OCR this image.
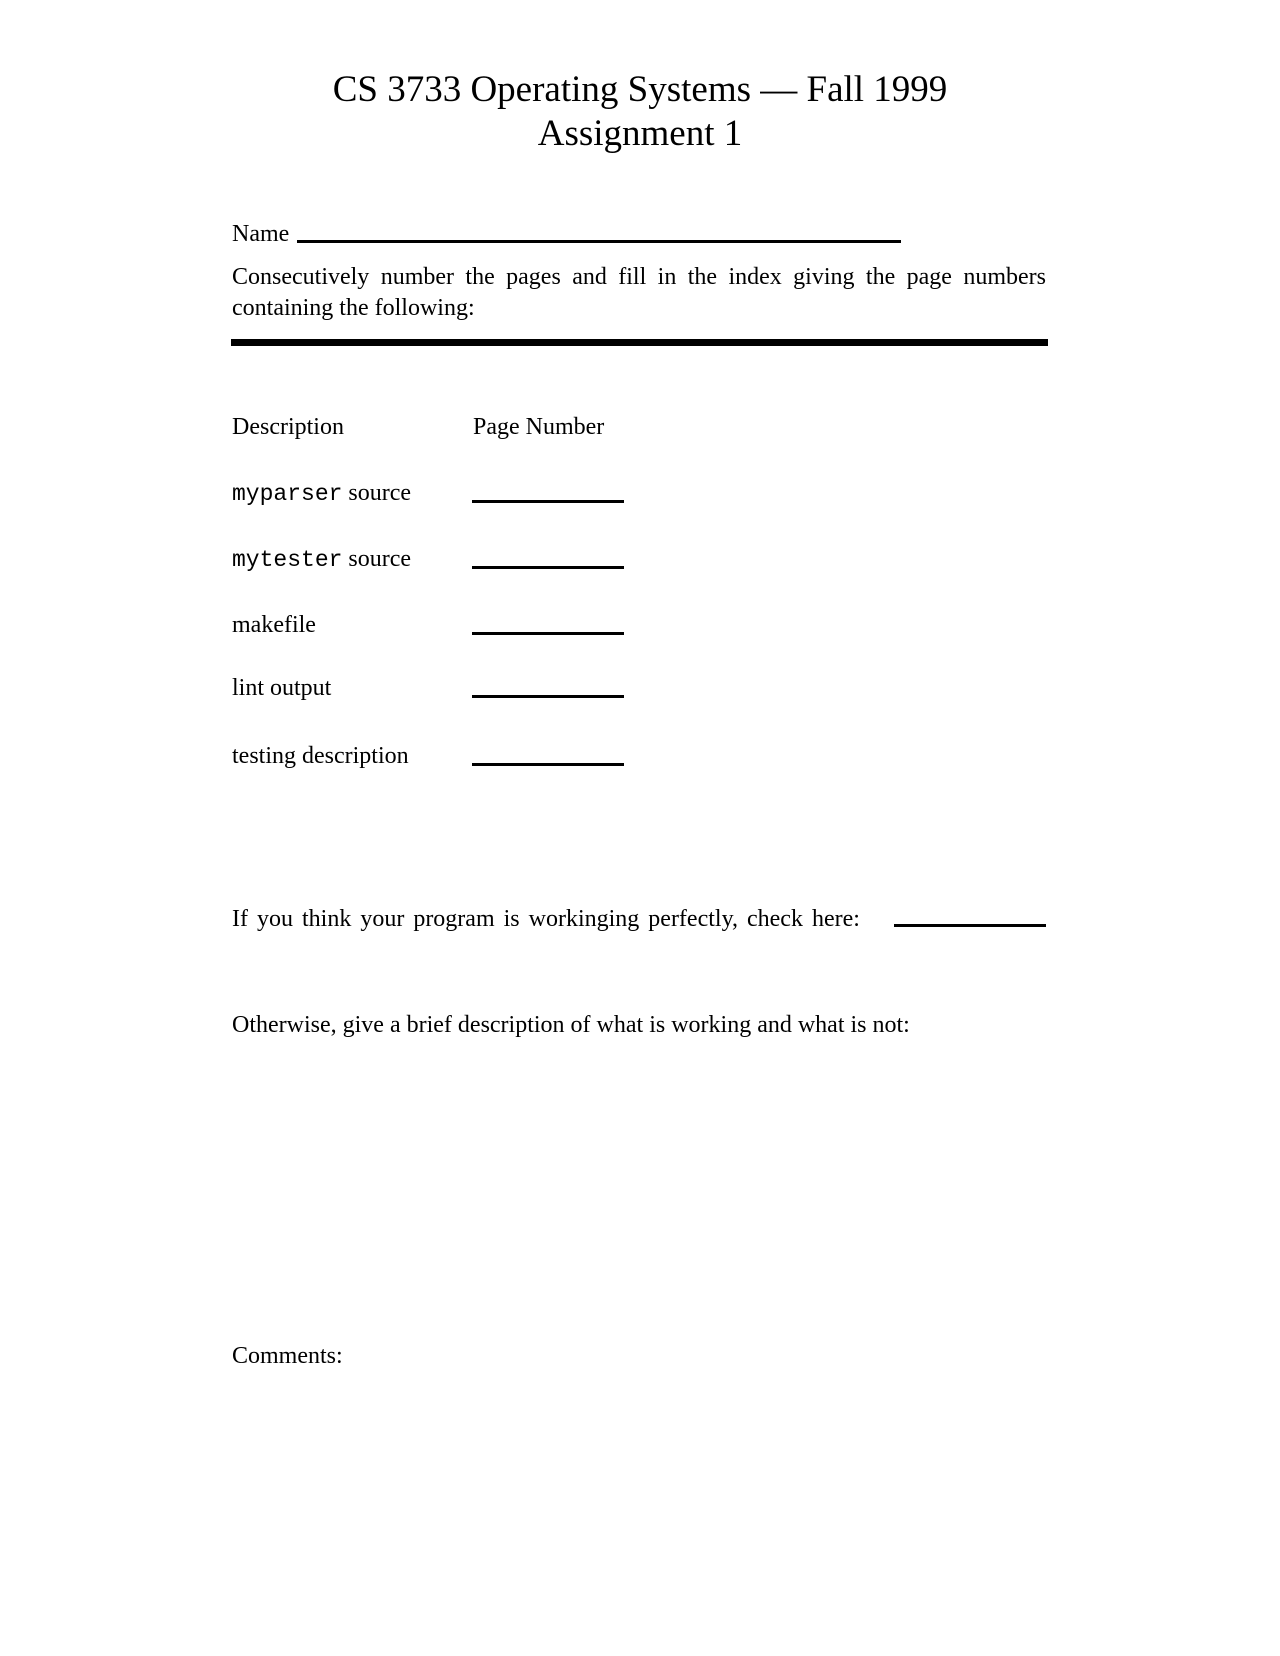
CS 3733 Operating Systems — Fall 1999
Assignment 1
Name
Consecutively number the pages and fill in the index giving the page numbers containing the following:
Description	Page Number
myparser source
mytester source
makefile
lint output
testing description
If you think your program is workinging perfectly, check here:
Otherwise, give a brief description of what is working and what is not:
Comments:
